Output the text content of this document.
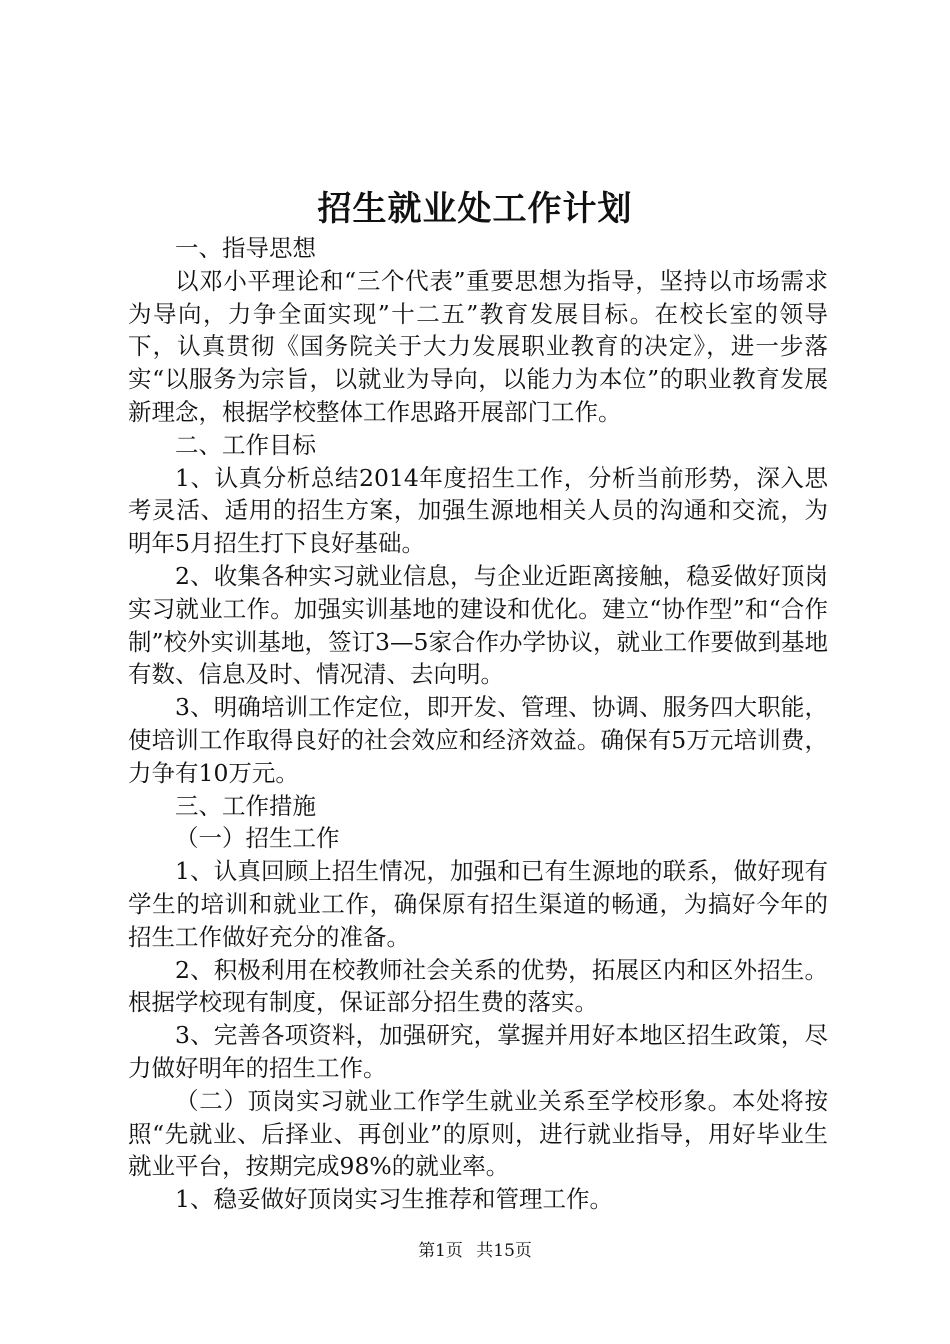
招生就业处工作计划

一、指导思想

以邓小平理论和“三个代表”重要思想为指导，坚持以市场需求为导向，力争全面实现”十二五”教育发展目标。在校长室的领导下，认真贯彻《国务院关于大力发展职业教育的决定》，进一步落实“以服务为宗旨，以就业为导向，以能力为本位”的职业教育发展新理念，根据学校整体工作思路开展部门工作。

二、工作目标

1、认真分析总结2014年度招生工作，分析当前形势，深入思考灵活、适用的招生方案，加强生源地相关人员的沟通和交流，为明年5月招生打下良好基础。

2、收集各种实习就业信息，与企业近距离接触，稳妥做好顶岗实习就业工作。加强实训基地的建设和优化。建立“协作型”和“合作制”校外实训基地，签订3—5家合作办学协议，就业工作要做到基地有数、信息及时、情况清、去向明。

3、明确培训工作定位，即开发、管理、协调、服务四大职能，使培训工作取得良好的社会效应和经济效益。确保有5万元培训费，力争有10万元。

三、工作措施

（一）招生工作

1、认真回顾上招生情况，加强和已有生源地的联系，做好现有学生的培训和就业工作，确保原有招生渠道的畅通，为搞好今年的招生工作做好充分的准备。

2、积极利用在校教师社会关系的优势，拓展区内和区外招生。根据学校现有制度，保证部分招生费的落实。

3、完善各项资料，加强研究，掌握并用好本地区招生政策，尽力做好明年的招生工作。

（二）顶岗实习就业工作学生就业关系至学校形象。本处将按照“先就业、后择业、再创业”的原则，进行就业指导，用好毕业生就业平台，按期完成98%的就业率。

1、稳妥做好顶岗实习生推荐和管理工作。

第1页 共15页
